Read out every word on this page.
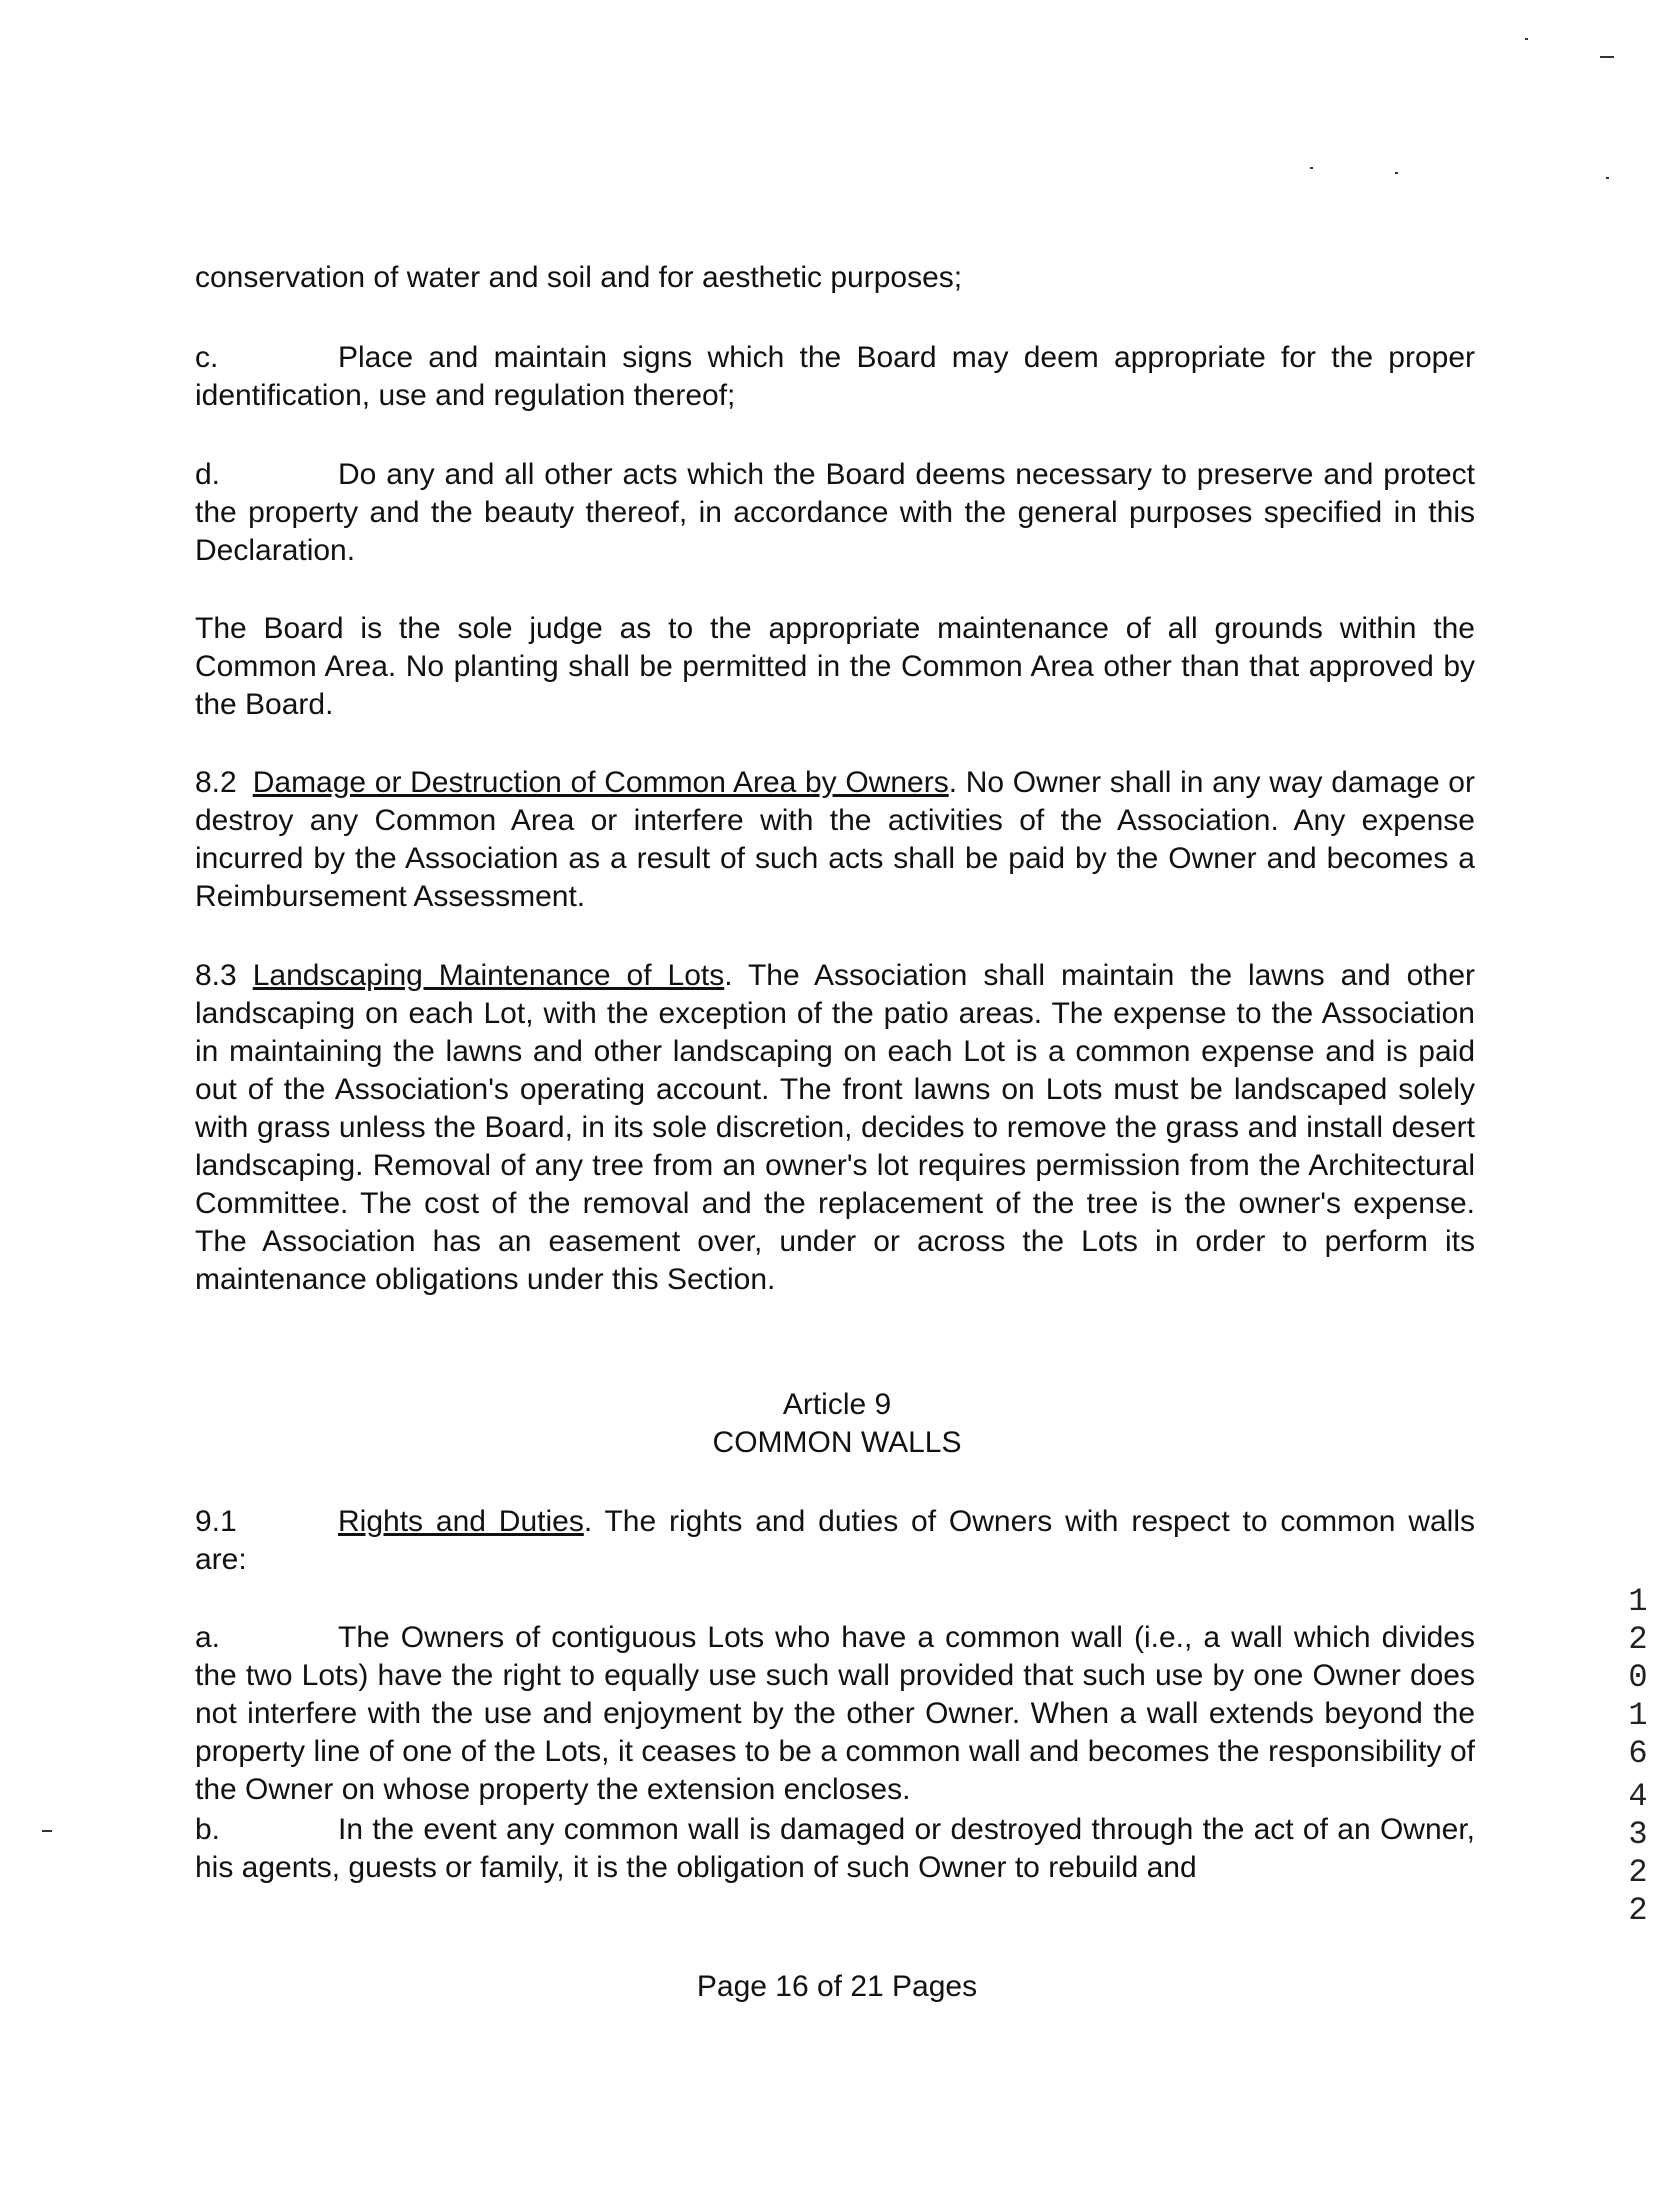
conservation of water and soil and for aesthetic purposes;

c.	Place and maintain signs which the Board may deem appropriate for the proper identification, use and regulation thereof;

d.	Do any and all other acts which the Board deems necessary to preserve and protect the property and the beauty thereof, in accordance with the general purposes specified in this Declaration.

The Board is the sole judge as to the appropriate maintenance of all grounds within the Common Area. No planting shall be permitted in the Common Area other than that approved by the Board.

8.2 Damage or Destruction of Common Area by Owners. No Owner shall in any way damage or destroy any Common Area or interfere with the activities of the Association. Any expense incurred by the Association as a result of such acts shall be paid by the Owner and becomes a Reimbursement Assessment.

8.3 Landscaping Maintenance of Lots. The Association shall maintain the lawns and other landscaping on each Lot, with the exception of the patio areas. The expense to the Association in maintaining the lawns and other landscaping on each Lot is a common expense and is paid out of the Association's operating account. The front lawns on Lots must be landscaped solely with grass unless the Board, in its sole discretion, decides to remove the grass and install desert landscaping. Removal of any tree from an owner's lot requires permission from the Architectural Committee. The cost of the removal and the replacement of the tree is the owner's expense. The Association has an easement over, under or across the Lots in order to perform its maintenance obligations under this Section.

Article 9
COMMON WALLS

9.1	Rights and Duties. The rights and duties of Owners with respect to common walls are:

a.	The Owners of contiguous Lots who have a common wall (i.e., a wall which divides the two Lots) have the right to equally use such wall provided that such use by one Owner does not interfere with the use and enjoyment by the other Owner. When a wall extends beyond the property line of one of the Lots, it ceases to be a common wall and becomes the responsibility of the Owner on whose property the extension encloses.

b.	In the event any common wall is damaged or destroyed through the act of an Owner, his agents, guests or family, it is the obligation of such Owner to rebuild and

Page 16 of 21 Pages
1
2
0
1
6
4
3
2
2
